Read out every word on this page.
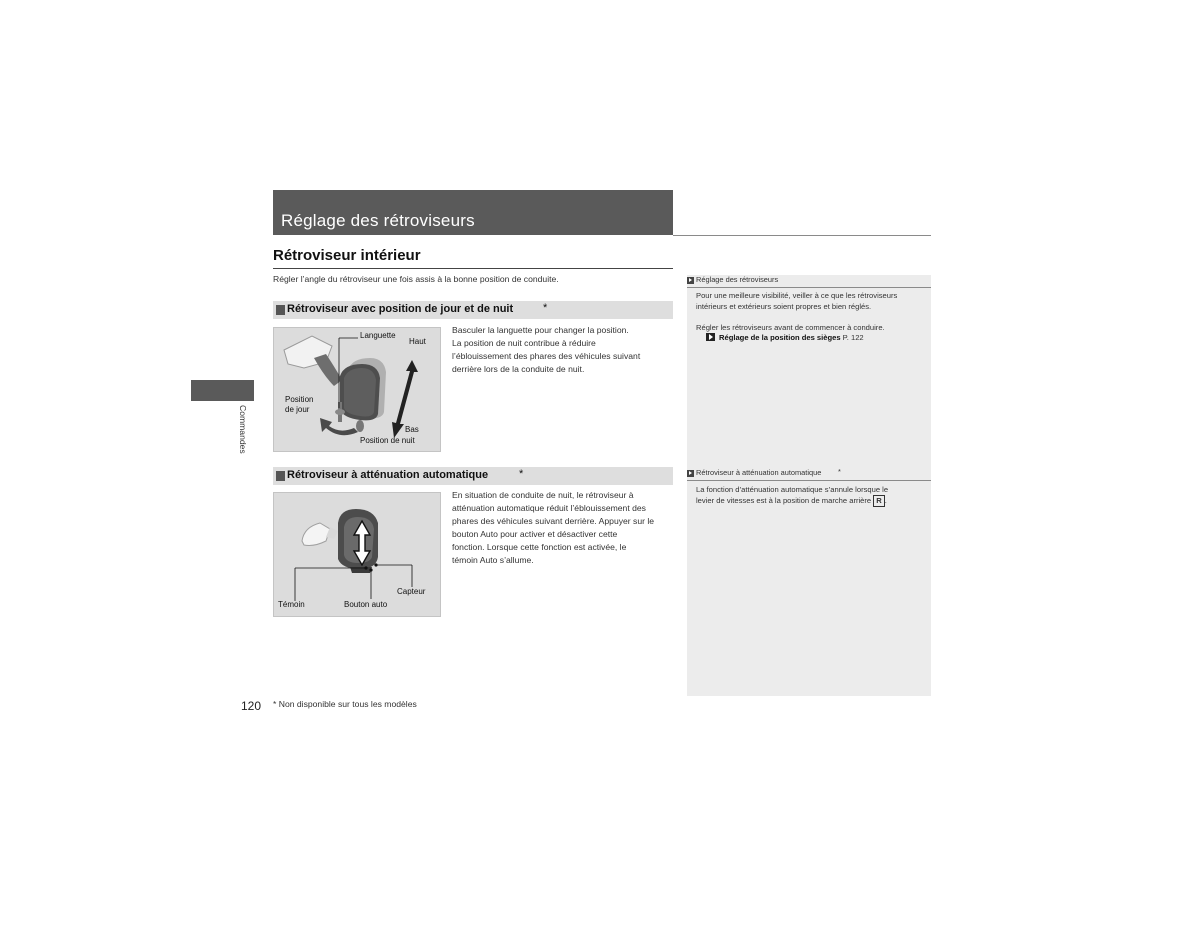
Réglage des rétroviseurs
Rétroviseur intérieur
Régler l’angle du rétroviseur une fois assis à la bonne position de conduite.
Commandes
Rétroviseur avec position de jour et de nuit	*
Languette
Haut
Position
de jour
Bas
Position de nuit
Basculer la languette pour changer la position.
La position de nuit contribue à réduire
l’éblouissement des phares des véhicules suivant
derrière lors de la conduite de nuit.
Rétroviseur à atténuation automatique	*
Capteur
Témoin	Bouton auto
En situation de conduite de nuit, le rétroviseur à
atténuation automatique réduit l’éblouissement des
phares des véhicules suivant derrière. Appuyer sur le
bouton Auto pour activer et désactiver cette
fonction. Lorsque cette fonction est activée, le
témoin Auto s’allume.
Réglage des rétroviseurs
Pour une meilleure visibilité, veiller à ce que les rétroviseurs
intérieurs et extérieurs soient propres et bien réglés.
Régler les rétroviseurs avant de commencer à conduire.
Réglage de la position des sièges P. 122
Rétroviseur à atténuation automatique *
La fonction d’atténuation automatique s’annule lorsque le
levier de vitesses est à la position de marche arrière R .
120 * Non disponible sur tous les modèles
